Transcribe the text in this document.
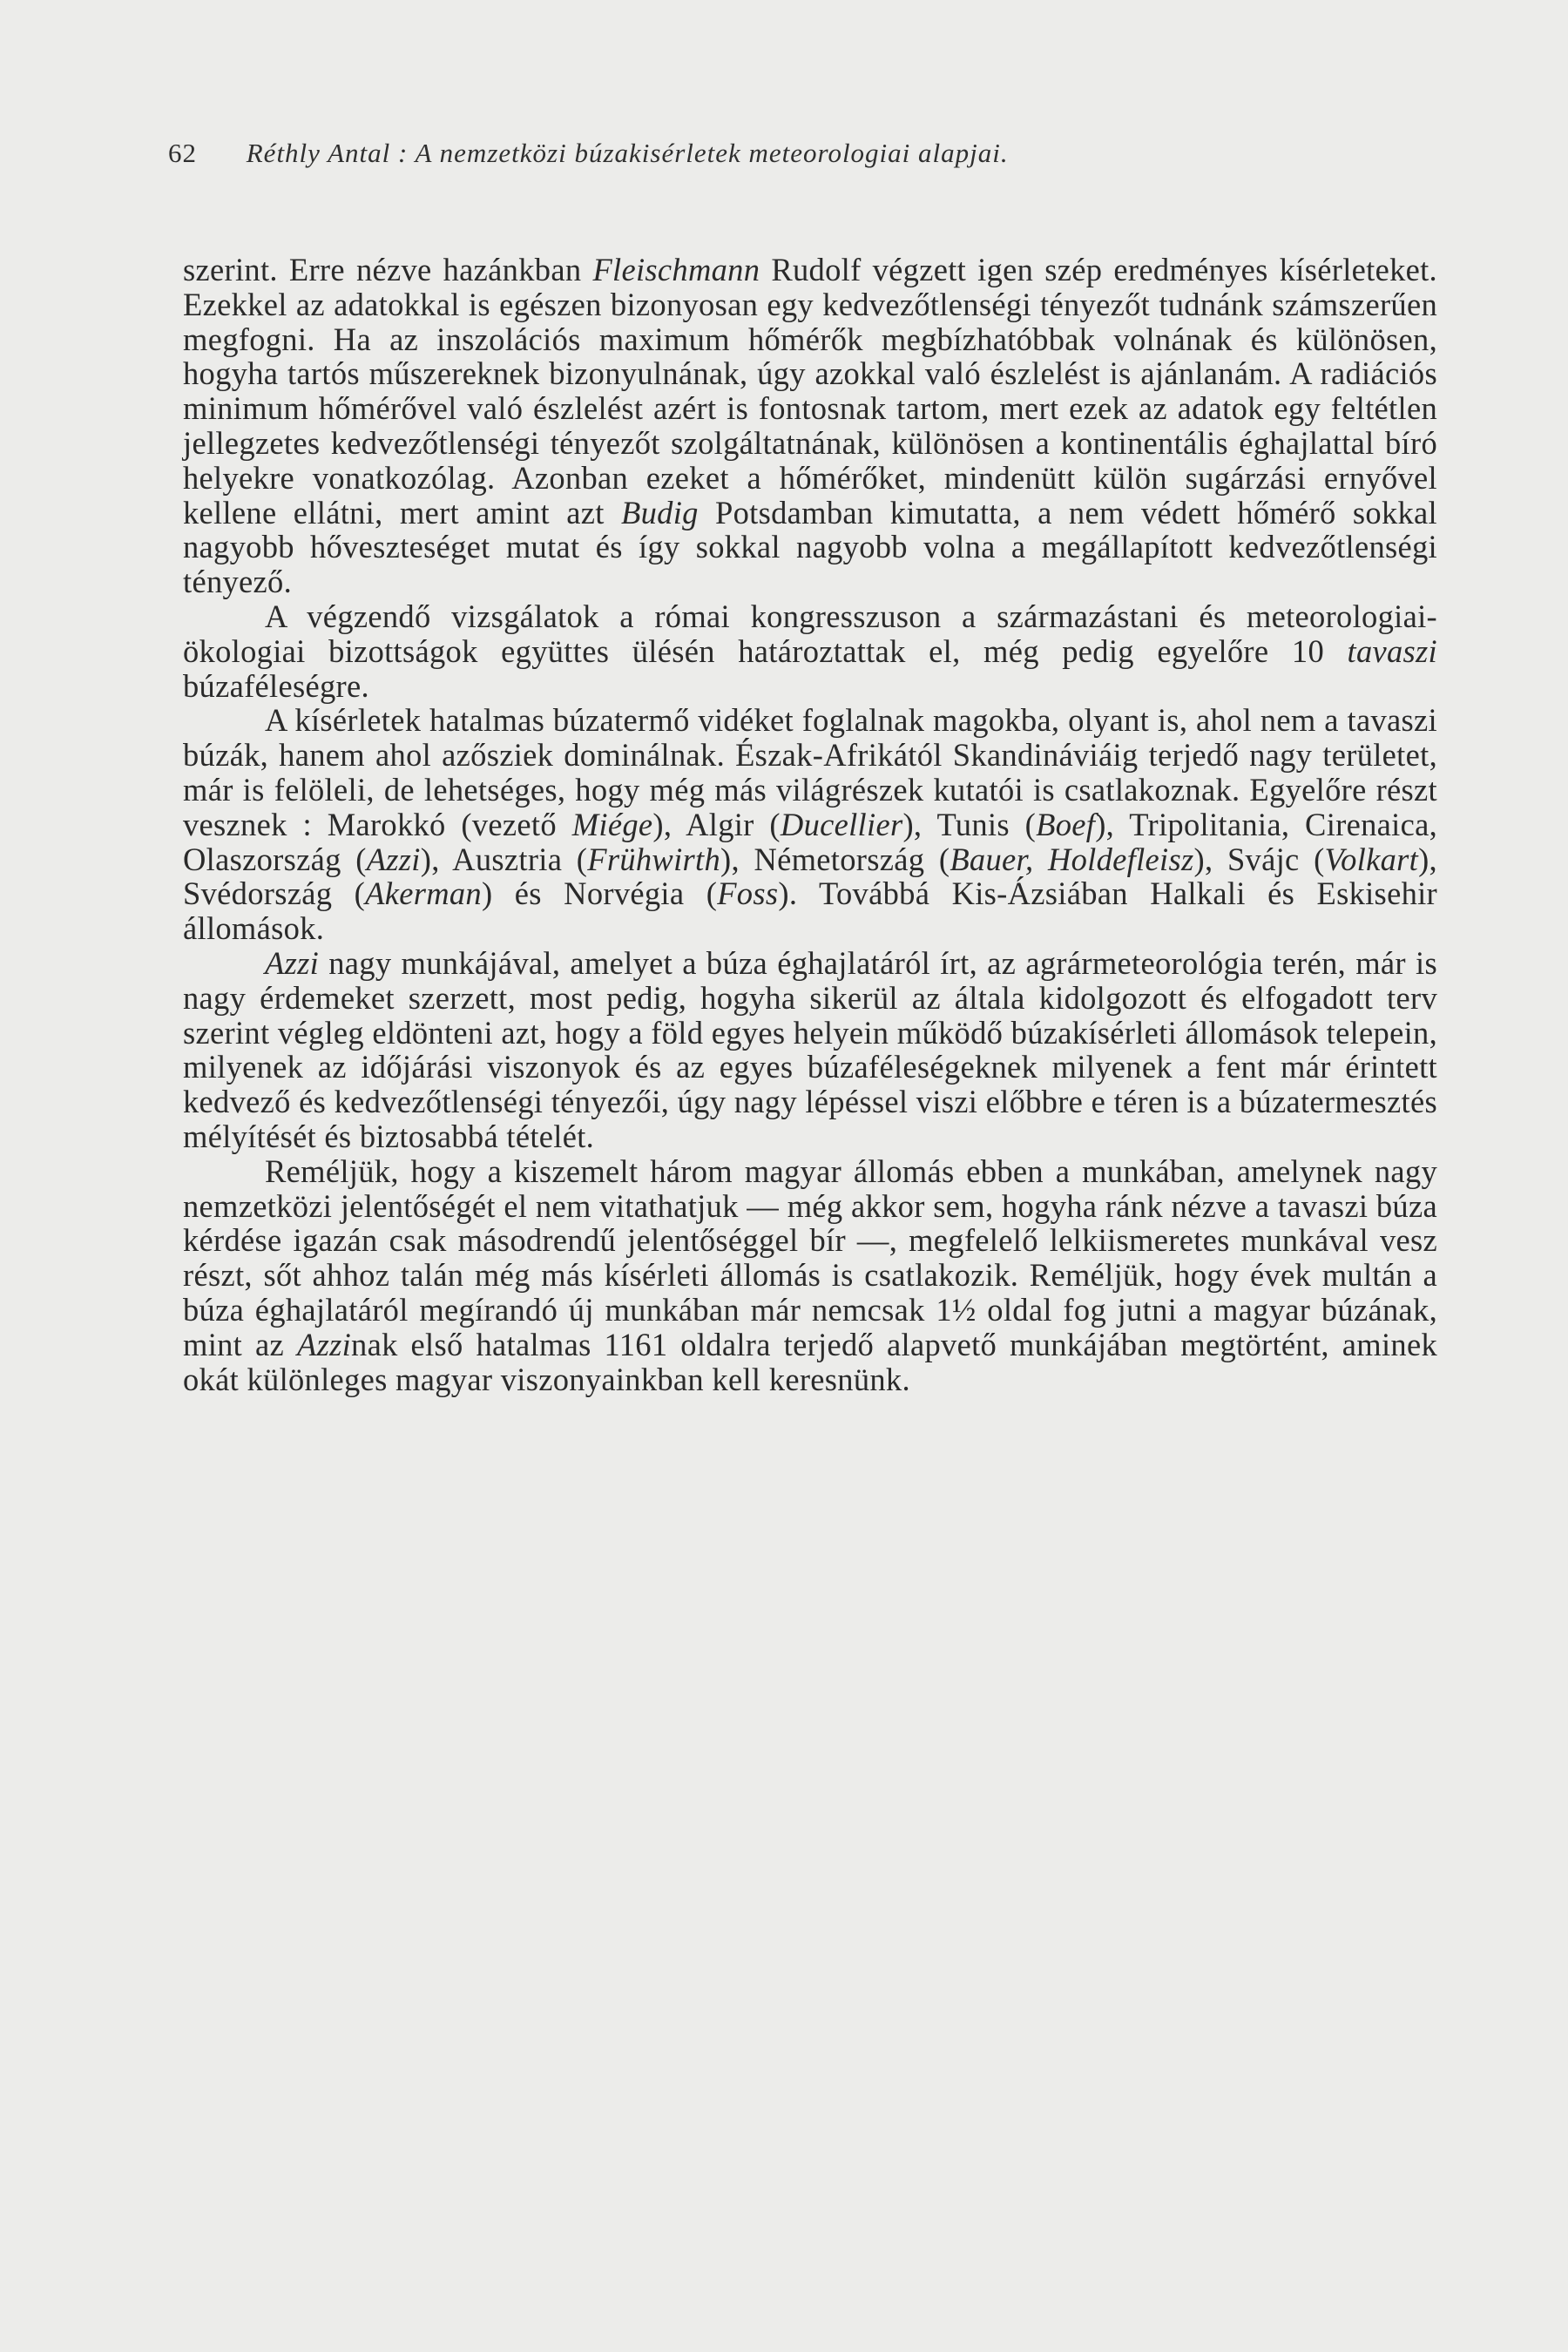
62 Réthly Antal : A nemzetközi búzakisérletek meteorologiai alapjai.

szerint. Erre nézve hazánkban Fleischmann Rudolf végzett igen szép eredményes kísérleteket. Ezekkel az adatokkal is egészen bizonyosan egy kedvezőtlenségi tényezőt tudnánk számszerűen megfogni. Ha az inszolációs maximum hőmérők megbízhatóbbak volnának és különösen, hogyha tartós műszereknek bizonyulnának, úgy azokkal való észlelést is ajánlanám. A radiációs minimum hőmérővel való észlelést azért is fontosnak tartom, mert ezek az adatok egy feltétlen jellegzetes kedvezőtlenségi tényezőt szolgáltatnának, különösen a kontinentális éghajlattal bíró helyekre vonatkozólag. Azonban ezeket a hőmérőket, mindenütt külön sugárzási ernyővel kellene ellátni, mert amint azt Budig Potsdamban kimutatta, a nem védett hőmérő sokkal nagyobb hőveszteséget mutat és így sokkal nagyobb volna a megállapított kedvezőtlenségi tényező.

A végzendő vizsgálatok a római kongresszuson a származástani és meteorologiai-ökologiai bizottságok együttes ülésén határoztattak el, még pedig egyelőre 10 tavaszi búzaféleségre.

A kísérletek hatalmas búzatermő vidéket foglalnak magokba, olyant is, ahol nem a tavaszi búzák, hanem ahol azősziek dominálnak. Észak-Afrikától Skandináviáig terjedő nagy területet, már is felöleli, de lehetséges, hogy még más világrészek kutatói is csatlakoznak. Egyelőre részt vesznek : Marokkó (vezető Miége), Algir (Ducellier), Tunis (Boef), Tripolitania, Cirenaica, Olaszország (Azzi), Ausztria (Frühwirth), Németország (Bauer, Holdefleisz), Svájc (Volkart), Svédország (Akerman) és Norvégia (Foss). Továbbá Kis-Ázsiában Halkali és Eskisehir állomások.

Azzi nagy munkájával, amelyet a búza éghajlatáról írt, az agrármeteorológia terén, már is nagy érdemeket szerzett, most pedig, hogyha sikerül az általa kidolgozott és elfogadott terv szerint végleg eldönteni azt, hogy a föld egyes helyein működő búzakísérleti állomások telepein, milyenek az időjárási viszonyok és az egyes búzaféleségeknek milyenek a fent már érintett kedvező és kedvezőtlenségi tényezői, úgy nagy lépéssel viszi előbbre e téren is a búzatermesztés mélyítését és biztosabbá tételét.

Reméljük, hogy a kiszemelt három magyar állomás ebben a munkában, amelynek nagy nemzetközi jelentőségét el nem vitathatjuk — még akkor sem, hogyha ránk nézve a tavaszi búza kérdése igazán csak másodrendű jelentőséggel bír —, megfelelő lelkiismeretes munkával vesz részt, sőt ahhoz talán még más kísérleti állomás is csatlakozik. Reméljük, hogy évek multán a búza éghajlatáról megírandó új munkában már nemcsak 1½ oldal fog jutni a magyar búzának, mint az Azzinak első hatalmas 1161 oldalra terjedő alapvető munkájában megtörtént, aminek okát különleges magyar viszonyainkban kell keresnünk.
